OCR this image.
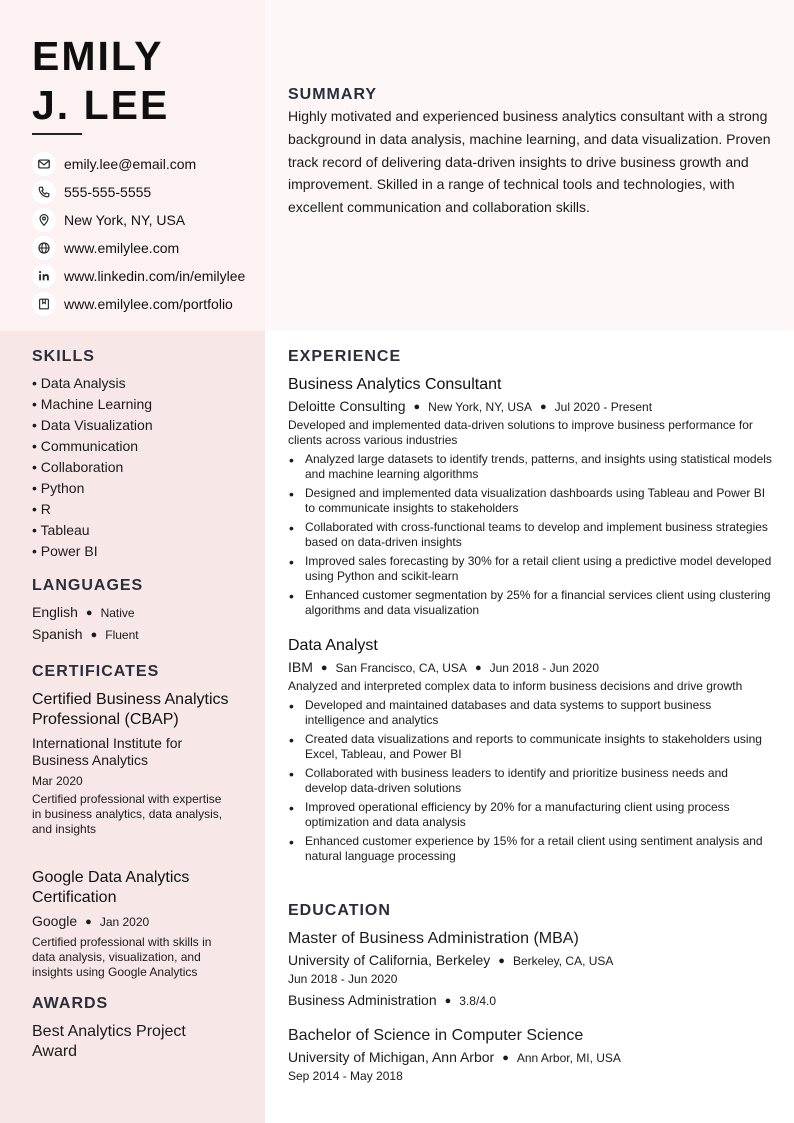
EMILY
J. LEE
emily.lee@email.com
555-555-5555
New York, NY, USA
www.emilylee.com
www.linkedin.com/in/emilylee
www.emilylee.com/portfolio
SUMMARY
Highly motivated and experienced business analytics consultant with a strong background in data analysis, machine learning, and data visualization. Proven track record of delivering data-driven insights to drive business growth and improvement. Skilled in a range of technical tools and technologies, with excellent communication and collaboration skills.
SKILLS
• Data Analysis
• Machine Learning
• Data Visualization
• Communication
• Collaboration
• Python
• R
• Tableau
• Power BI
LANGUAGES
English ● Native
Spanish ● Fluent
CERTIFICATES
Certified Business Analytics Professional (CBAP)
International Institute for Business Analytics
Mar 2020
Certified professional with expertise in business analytics, data analysis, and insights
Google Data Analytics Certification
Google ● Jan 2020
Certified professional with skills in data analysis, visualization, and insights using Google Analytics
AWARDS
Best Analytics Project Award
EXPERIENCE
Business Analytics Consultant
Deloitte Consulting ● New York, NY, USA ● Jul 2020 - Present
Developed and implemented data-driven solutions to improve business performance for clients across various industries
• Analyzed large datasets to identify trends, patterns, and insights using statistical models and machine learning algorithms
• Designed and implemented data visualization dashboards using Tableau and Power BI to communicate insights to stakeholders
• Collaborated with cross-functional teams to develop and implement business strategies based on data-driven insights
• Improved sales forecasting by 30% for a retail client using a predictive model developed using Python and scikit-learn
• Enhanced customer segmentation by 25% for a financial services client using clustering algorithms and data visualization
Data Analyst
IBM ● San Francisco, CA, USA ● Jun 2018 - Jun 2020
Analyzed and interpreted complex data to inform business decisions and drive growth
• Developed and maintained databases and data systems to support business intelligence and analytics
• Created data visualizations and reports to communicate insights to stakeholders using Excel, Tableau, and Power BI
• Collaborated with business leaders to identify and prioritize business needs and develop data-driven solutions
• Improved operational efficiency by 20% for a manufacturing client using process optimization and data analysis
• Enhanced customer experience by 15% for a retail client using sentiment analysis and natural language processing
EDUCATION
Master of Business Administration (MBA)
University of California, Berkeley ● Berkeley, CA, USA
Jun 2018 - Jun 2020
Business Administration ● 3.8/4.0
Bachelor of Science in Computer Science
University of Michigan, Ann Arbor ● Ann Arbor, MI, USA
Sep 2014 - May 2018
